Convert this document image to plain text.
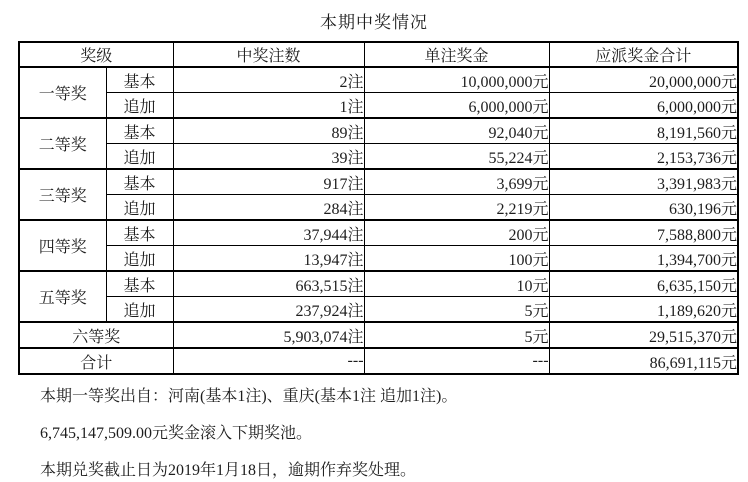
本期中奖情况
奖级		中奖注数	单注奖金	应派奖金合计
一等奖	基本	2注	10,000,000元	20,000,000元
	追加	1注	6,000,000元	6,000,000元
二等奖	基本	89注	92,040元	8,191,560元
	追加	39注	55,224元	2,153,736元
三等奖	基本	917注	3,699元	3,391,983元
	追加	284注	2,219元	630,196元
四等奖	基本	37,944注	200元	7,588,800元
	追加	13,947注	100元	1,394,700元
五等奖	基本	663,515注	10元	6,635,150元
	追加	237,924注	5元	1,189,620元
六等奖		5,903,074注	5元	29,515,370元
合计		---	---	86,691,115元

本期一等奖出自：河南(基本1注)、重庆(基本1注 追加1注)。

6,745,147,509.00元奖金滚入下期奖池。

本期兑奖截止日为2019年1月18日，逾期作弃奖处理。
